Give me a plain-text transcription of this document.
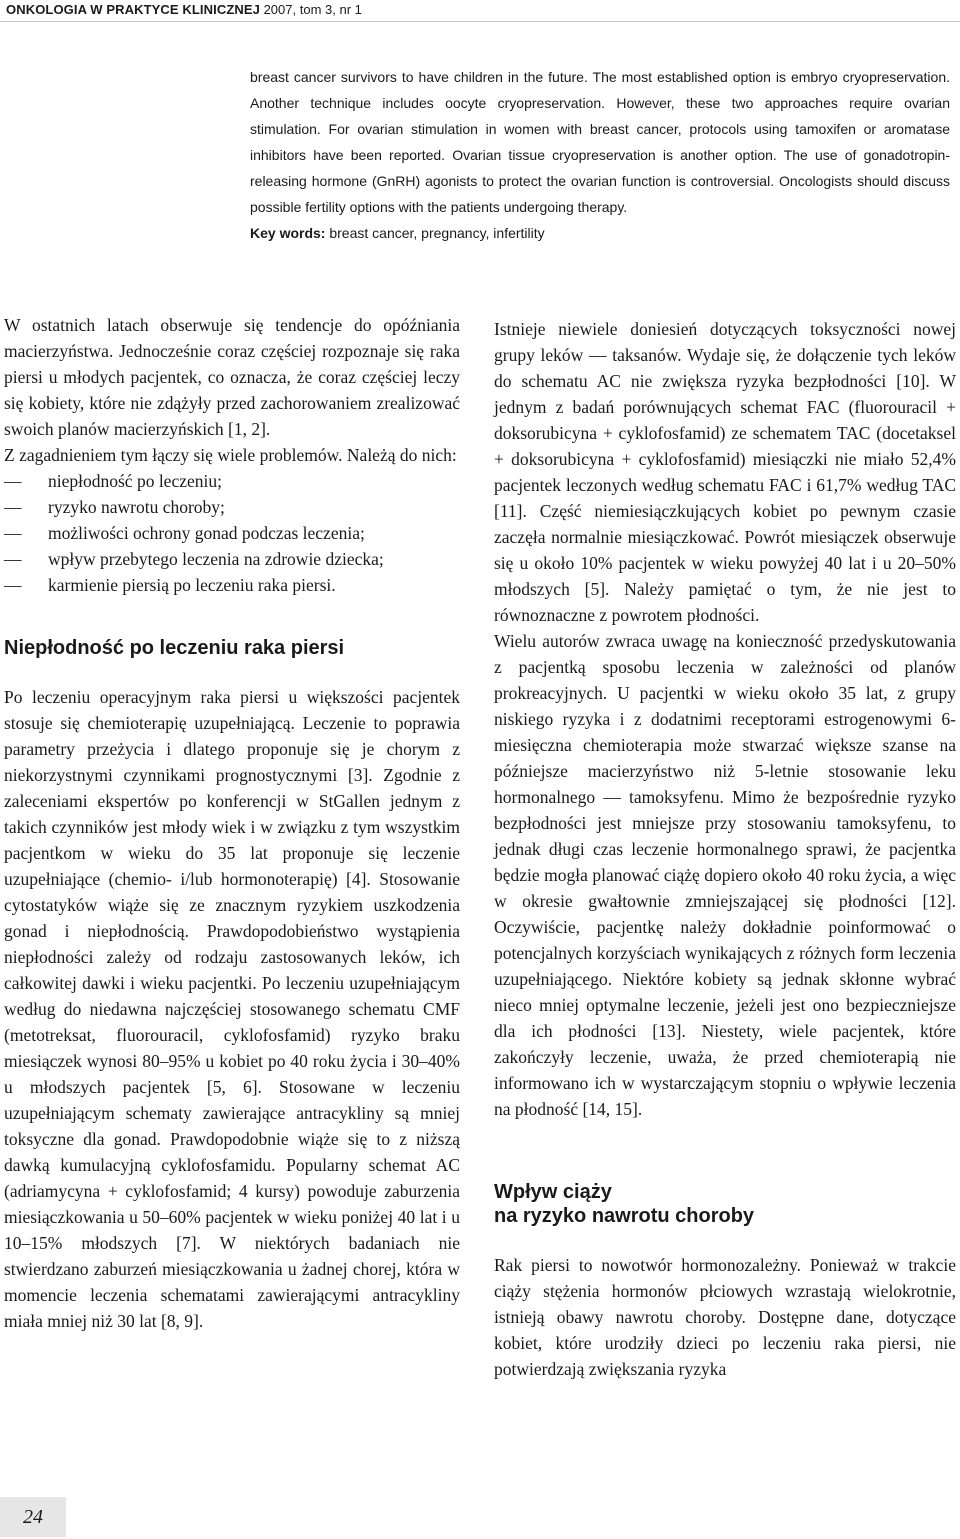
ONKOLOGIA W PRAKTYCE KLINICZNEJ 2007, tom 3, nr 1
breast cancer survivors to have children in the future. The most established option is embryo cryopreservation. Another technique includes oocyte cryopreservation. However, these two approaches require ovarian stimulation. For ovarian stimulation in women with breast cancer, protocols using tamoxifen or aromatase inhibitors have been reported. Ovarian tissue cryopreservation is another option. The use of gonadotropin-releasing hormone (GnRH) agonists to protect the ovarian function is controversial. Oncologists should discuss possible fertility options with the patients undergoing therapy.
Key words: breast cancer, pregnancy, infertility

W ostatnich latach obserwuje się tendencje do opóźniania macierzyństwa. Jednocześnie coraz częściej rozpoznaje się raka piersi u młodych pacjentek, co oznacza, że coraz częściej leczy się kobiety, które nie zdążyły przed zachorowaniem zrealizować swoich planów macierzyńskich [1, 2].

Z zagadnieniem tym łączy się wiele problemów. Należą do nich:

— niepłodność po leczeniu;
— ryzyko nawrotu choroby;
— możliwości ochrony gonad podczas leczenia;
— wpływ przebytego leczenia na zdrowie dziecka;
— karmienie piersią po leczeniu raka piersi.
Niepłodność po leczeniu raka piersi

Po leczeniu operacyjnym raka piersi u większości pacjentek stosuje się chemioterapię uzupełniającą. Leczenie to poprawia parametry przeżycia i dlatego proponuje się je chorym z niekorzystnymi czynnikami prognostycznymi [3]. Zgodnie z zaleceniami ekspertów po konferencji w StGallen jednym z takich czynników jest młody wiek i w związku z tym wszystkim pacjentkom w wieku do 35 lat proponuje się leczenie uzupełniające (chemio- i/lub hormonoterapię) [4]. Stosowanie cytostatyków wiąże się ze znacznym ryzykiem uszkodzenia gonad i niepłodnością. Prawdopodobieństwo wystąpienia niepłodności zależy od rodzaju zastosowanych leków, ich całkowitej dawki i wieku pacjentki. Po leczeniu uzupełniającym według do niedawna najczęściej stosowanego schematu CMF (metotreksat, fluorouracil, cyklofosfamid) ryzyko braku miesiączek wynosi 80–95% u kobiet po 40 roku życia i 30–40% u młodszych pacjentek [5, 6]. Stosowane w leczeniu uzupełniającym schematy zawierające antracykliny są mniej toksyczne dla gonad. Prawdopodobnie wiąże się to z niższą dawką kumulacyjną cyklofosfamidu. Popularny schemat AC (adriamycyna + cyklofosfamid; 4 kursy) powoduje zaburzenia miesiączkowania u 50–60% pacjentek w wieku poniżej 40 lat i u 10–15% młodszych [7]. W niektórych badaniach nie stwierdzano zaburzeń miesiączkowania u żadnej chorej, która w momencie leczenia schematami zawierającymi antracykliny miała mniej niż 30 lat [8, 9].

Istnieje niewiele doniesień dotyczących toksyczności nowej grupy leków — taksanów. Wydaje się, że dołączenie tych leków do schematu AC nie zwiększa ryzyka bezpłodności [10]. W jednym z badań porównujących schemat FAC (fluorouracil + doksorubicyna + cyklofosfamid) ze schematem TAC (docetaksel + doksorubicyna + cyklofosfamid) miesiączki nie miało 52,4% pacjentek leczonych według schematu FAC i 61,7% według TAC [11]. Część niemiesiączkujących kobiet po pewnym czasie zaczęła normalnie miesiączkować. Powrót miesiączek obserwuje się u około 10% pacjentek w wieku powyżej 40 lat i u 20–50% młodszych [5]. Należy pamiętać o tym, że nie jest to równoznaczne z powrotem płodności.

Wielu autorów zwraca uwagę na konieczność przedyskutowania z pacjentką sposobu leczenia w zależności od planów prokreacyjnych. U pacjentki w wieku około 35 lat, z grupy niskiego ryzyka i z dodatnimi receptorami estrogenowymi 6-miesięczna chemioterapia może stwarzać większe szanse na późniejsze macierzyństwo niż 5-letnie stosowanie leku hormonalnego — tamoksyfenu. Mimo że bezpośrednie ryzyko bezpłodności jest mniejsze przy stosowaniu tamoksyfenu, to jednak długi czas leczenie hormonalnego sprawi, że pacjentka będzie mogła planować ciążę dopiero około 40 roku życia, a więc w okresie gwałtownie zmniejszającej się płodności [12]. Oczywiście, pacjentkę należy dokładnie poinformować o potencjalnych korzyściach wynikających z różnych form leczenia uzupełniającego. Niektóre kobiety są jednak skłonne wybrać nieco mniej optymalne leczenie, jeżeli jest ono bezpieczniejsze dla ich płodności [13]. Niestety, wiele pacjentek, które zakończyły leczenie, uważa, że przed chemioterapią nie informowano ich w wystarczającym stopniu o wpływie leczenia na płodność [14, 15].

Wpływ ciąży
na ryzyko nawrotu choroby

Rak piersi to nowotwór hormonozależny. Ponieważ w trakcie ciąży stężenia hormonów płciowych wzrastają wielokrotnie, istnieją obawy nawrotu choroby. Dostępne dane, dotyczące kobiet, które urodziły dzieci po leczeniu raka piersi, nie potwierdzają zwiększania ryzyka

24
